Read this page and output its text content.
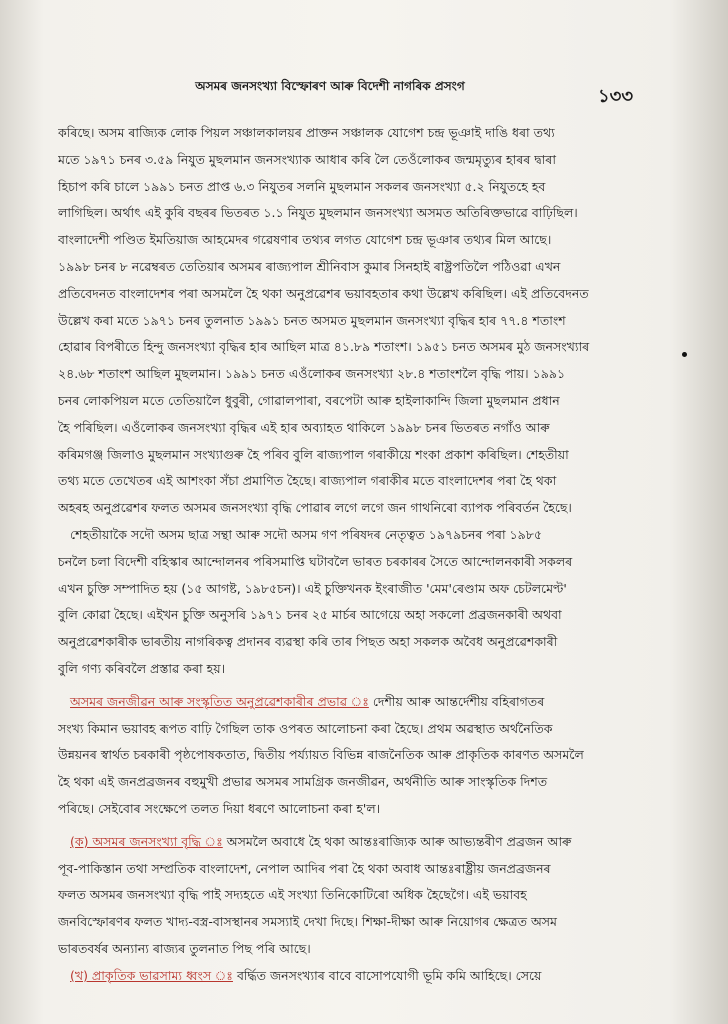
অসমৰ জনসংখ্যা বিস্ফোৰণ আৰু বিদেশী নাগৰিক প্ৰসংগ	১৩৩
কৰিছে। অসম ৰাজ্যিক লোক পিয়ল সঞ্চালকালয়ৰ প্ৰাক্তন সঞ্চালক যোগেশ চন্দ্ৰ ভূঞাই দাঙি ধৰা তথ্য
মতে ১৯৭১ চনৰ ৩.৫৯ নিযুত মুছলমান জনসংখ্যাক আধাৰ কৰি লৈ তেওঁলোকৰ জন্মমৃত্যুৰ হাৰৰ দ্বাৰা
হিচাপ কৰি চালে ১৯৯১ চনত প্ৰাপ্ত ৬.৩ নিযুতৰ সলনি মুছলমান সকলৰ জনসংখ্যা ৫.২ নিযুতহে হব
লাগিছিল। অৰ্থাৎ এই কুৰি বছৰৰ ভিতৰত ১.১ নিযুত মুছলমান জনসংখ্যা অসমত অতিৰিক্তভাৱে বাঢ়িছিল।
বাংলাদেশী পণ্ডিত ইমতিয়াজ আহমেদৰ গৱেষণাৰ তথ্যৰ লগত যোগেশ চন্দ্ৰ ভূঞাৰ তথ্যৰ মিল আছে।
১৯৯৮ চনৰ ৮ নৱেম্বৰত তেতিয়াৰ অসমৰ ৰাজ্যপাল শ্ৰীনিবাস কুমাৰ সিনহাই ৰাষ্ট্ৰপতিলৈ পঠিওৱা এখন
প্ৰতিবেদনত বাংলাদেশৰ পৰা অসমলৈ হৈ থকা অনুপ্ৰৱেশৰ ভয়াবহতাৰ কথা উল্লেখ কৰিছিল। এই প্ৰতিবেদনত
উল্লেখ কৰা মতে ১৯৭১ চনৰ তুলনাত ১৯৯১ চনত অসমত মুছলমান জনসংখ্যা বৃদ্ধিৰ হাৰ ৭৭.৪ শতাংশ
হোৱাৰ বিপৰীতে হিন্দু জনসংখ্যা বৃদ্ধিৰ হাৰ আছিল মাত্ৰ ৪১.৮৯ শতাংশ। ১৯৫১ চনত অসমৰ মুঠ জনসংখ্যাৰ
২৪.৬৮ শতাংশ আছিল মুছলমান। ১৯৯১ চনত এওঁলোকৰ জনসংখ্যা ২৮.৪ শতাংশলৈ বৃদ্ধি পায়। ১৯৯১
চনৰ লোকপিয়ল মতে তেতিয়ালৈ ধুবুৰী, গোৱালপাৰা, বৰপেটা আৰু হাইলাকান্দি জিলা মুছলমান প্ৰধান
হৈ পৰিছিল। এওঁলোকৰ জনসংখ্যা বৃদ্ধিৰ এই হাৰ অব্যাহত থাকিলে ১৯৯৮ চনৰ ভিতৰত নগাঁও আৰু
কৰিমগঞ্জ জিলাও মুছলমান সংখ্যাগুৰু হৈ পৰিব বুলি ৰাজ্যপাল গৰাকীয়ে শংকা প্ৰকাশ কৰিছিল। শেহতীয়া
তথ্য মতে তেখেতৰ এই আশংকা সঁচা প্ৰমাণিত হৈছে। ৰাজ্যপাল গৰাকীৰ মতে বাংলাদেশৰ পৰা হৈ থকা
অহৰহ অনুপ্ৰৱেশৰ ফলত অসমৰ জনসংখ্যা বৃদ্ধি পোৱাৰ লগে লগে জন গাথনিৰো ব্যাপক পৰিবৰ্তন হৈছে।
শেহতীয়াকৈ সদৌ অসম ছাত্ৰ সন্থা আৰু সদৌ অসম গণ পৰিষদৰ নেতৃত্বত ১৯৭৯চনৰ পৰা ১৯৮৫
চনলৈ চলা বিদেশী বহিস্কাৰ আন্দোলনৰ পৰিসমাপ্তি ঘটাবলৈ ভাৰত চৰকাৰৰ সৈতে আন্দোলনকাৰী সকলৰ
এখন চুক্তি সম্পাদিত হয় (১৫ আগষ্ট, ১৯৮৫চন)। এই চুক্তিখনক ইংৰাজীত 'মেম'ৰেণ্ডাম অফ চেটলমেণ্ট'
বুলি কোৱা হৈছে। এইখন চুক্তি অনুসৰি ১৯৭১ চনৰ ২৫ মাৰ্চৰ আগেয়ে অহা সকলো প্ৰব্ৰজনকাৰী অথবা
অনুপ্ৰৱেশকাৰীক ভাৰতীয় নাগৰিকত্ব প্ৰদানৰ ব্যৱস্থা কৰি তাৰ পিছত অহা সকলক অবৈধ অনুপ্ৰৱেশকাৰী
বুলি গণ্য কৰিবলৈ প্ৰস্তাৱ কৰা হয়।
অসমৰ জনজীৱন আৰু সংস্কৃতিত অনুপ্ৰৱেশকাৰীৰ প্ৰভাৱ ঃ দেশীয় আৰু আন্তৰ্দেশীয় বহিৰাগতৰ
সংখ্য কিমান ভয়াবহ ৰূপত বাঢ়ি গৈছিল তাক ওপৰত আলোচনা কৰা হৈছে। প্ৰথম অৱস্থাত অৰ্থনৈতিক
উন্নয়নৰ স্বাৰ্থত চৰকাৰী পৃষ্ঠপোষকতাত, দ্বিতীয় পৰ্য্যায়ত বিভিন্ন ৰাজনৈতিক আৰু প্ৰাকৃতিক কাৰণত অসমলৈ
হৈ থকা এই জনপ্ৰব্ৰজনৰ বহুমুখী প্ৰভাৱ অসমৰ সামগ্ৰিক জনজীৱন, অৰ্থনীতি আৰু সাংস্কৃতিক দিশত
পৰিছে। সেইবোৰ সংক্ষেপে তলত দিয়া ধৰণে আলোচনা কৰা হ'ল।
(ক) অসমৰ জনসংখ্যা বৃদ্ধি ঃ অসমলৈ অবাধে হৈ থকা আন্তঃৰাজ্যিক আৰু আভ্যন্তৰীণ প্ৰব্ৰজন আৰু
পূব-পাকিস্তান তথা সম্প্ৰতিক বাংলাদেশ, নেপাল আদিৰ পৰা হৈ থকা অবাধ আন্তঃৰাষ্ট্ৰীয় জনপ্ৰব্ৰজনৰ
ফলত অসমৰ জনসংখ্যা বৃদ্ধি পাই সদ্যহতে এই সংখ্যা তিনিকোটিৰো অধিক হৈছেগৈ। এই ভয়াবহ
জনবিস্ফোৰণৰ ফলত খাদ্য-বস্ত্ৰ-বাসস্থানৰ সমস্যাই দেখা দিছে। শিক্ষা-দীক্ষা আৰু নিয়োগৰ ক্ষেত্ৰত অসম
ভাৰতবৰ্ষৰ অন্যান্য ৰাজ্যৰ তুলনাত পিছ পৰি আছে।
(খ) প্ৰাকৃতিক ভাৱসাম্য ধ্বংস ঃ বৰ্দ্ধিত জনসংখ্যাৰ বাবে বাসোপযোগী ভূমি কমি আহিছে। সেয়ে
